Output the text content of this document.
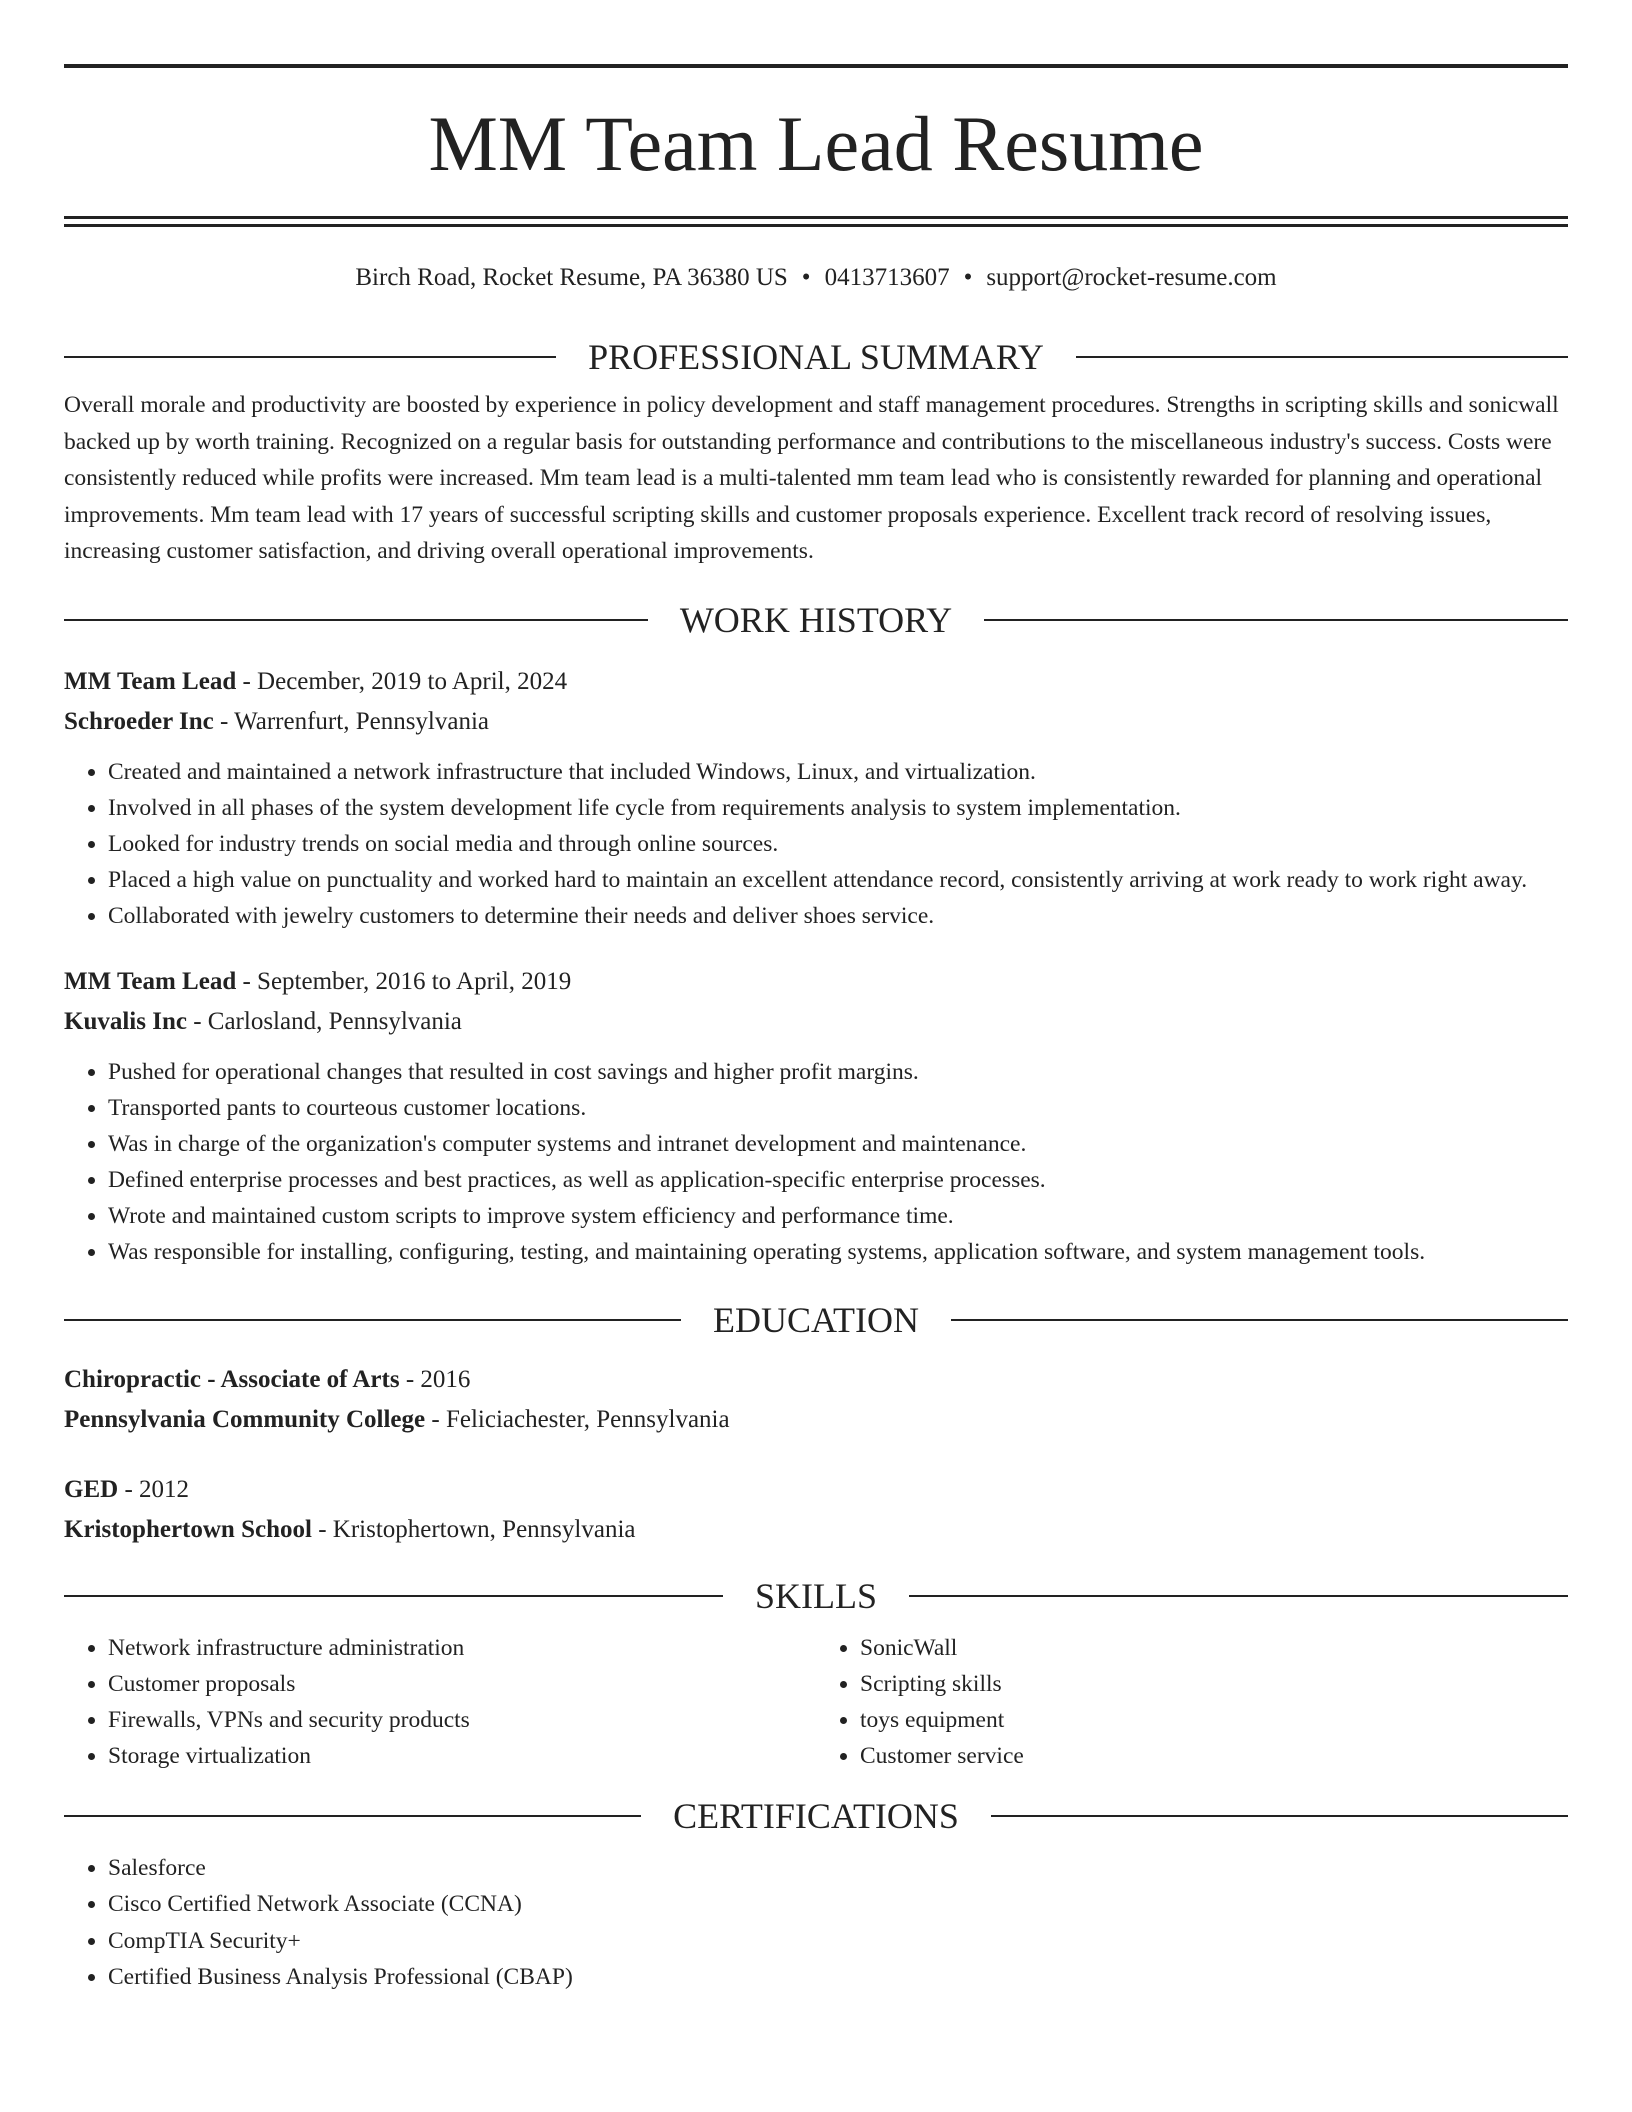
MM Team Lead Resume
Birch Road, Rocket Resume, PA 36380 US • 0413713607 • support@rocket-resume.com
PROFESSIONAL SUMMARY
Overall morale and productivity are boosted by experience in policy development and staff management procedures. Strengths in scripting skills and sonicwall backed up by worth training. Recognized on a regular basis for outstanding performance and contributions to the miscellaneous industry's success. Costs were consistently reduced while profits were increased. Mm team lead is a multi-talented mm team lead who is consistently rewarded for planning and operational improvements. Mm team lead with 17 years of successful scripting skills and customer proposals experience. Excellent track record of resolving issues, increasing customer satisfaction, and driving overall operational improvements.
WORK HISTORY
MM Team Lead - December, 2019 to April, 2024
Schroeder Inc - Warrenfurt, Pennsylvania
• Created and maintained a network infrastructure that included Windows, Linux, and virtualization.
• Involved in all phases of the system development life cycle from requirements analysis to system implementation.
• Looked for industry trends on social media and through online sources.
• Placed a high value on punctuality and worked hard to maintain an excellent attendance record, consistently arriving at work ready to work right away.
• Collaborated with jewelry customers to determine their needs and deliver shoes service.
MM Team Lead - September, 2016 to April, 2019
Kuvalis Inc - Carlosland, Pennsylvania
• Pushed for operational changes that resulted in cost savings and higher profit margins.
• Transported pants to courteous customer locations.
• Was in charge of the organization's computer systems and intranet development and maintenance.
• Defined enterprise processes and best practices, as well as application-specific enterprise processes.
• Wrote and maintained custom scripts to improve system efficiency and performance time.
• Was responsible for installing, configuring, testing, and maintaining operating systems, application software, and system management tools.
EDUCATION
Chiropractic - Associate of Arts - 2016
Pennsylvania Community College - Feliciachester, Pennsylvania
GED - 2012
Kristophertown School - Kristophertown, Pennsylvania
SKILLS
• Network infrastructure administration
• Customer proposals
• Firewalls, VPNs and security products
• Storage virtualization
• SonicWall
• Scripting skills
• toys equipment
• Customer service
CERTIFICATIONS
• Salesforce
• Cisco Certified Network Associate (CCNA)
• CompTIA Security+
• Certified Business Analysis Professional (CBAP)
